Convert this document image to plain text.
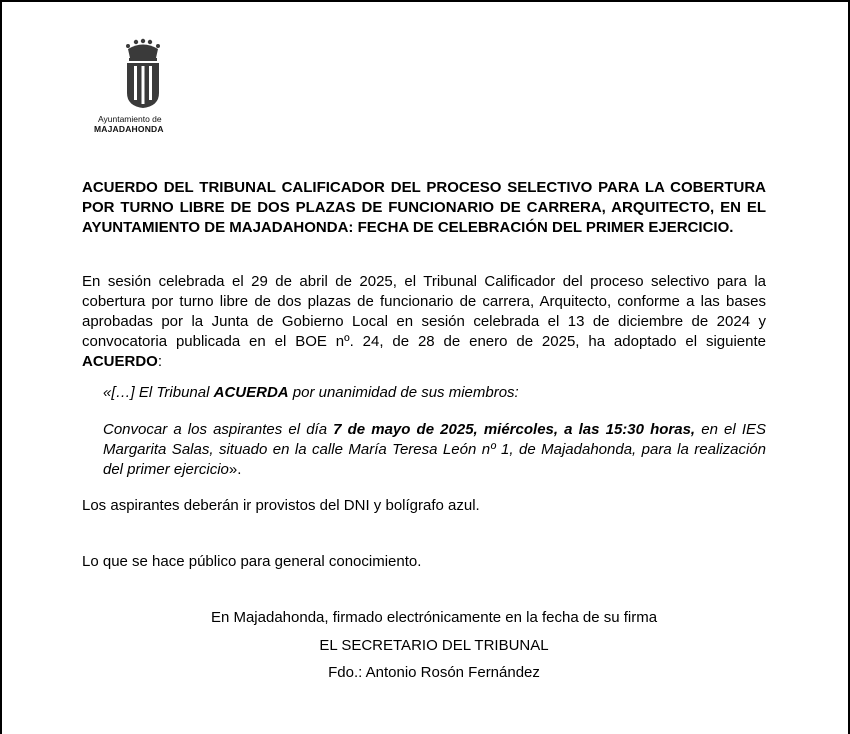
Ayuntamiento de
MAJADAHONDA
ACUERDO DEL TRIBUNAL CALIFICADOR DEL PROCESO SELECTIVO PARA LA COBERTURA POR TURNO LIBRE DE DOS PLAZAS DE FUNCIONARIO DE CARRERA, ARQUITECTO, EN EL AYUNTAMIENTO DE MAJADAHONDA: FECHA DE CELEBRACIÓN DEL PRIMER EJERCICIO.
En sesión celebrada el 29 de abril de 2025, el Tribunal Calificador del proceso selectivo para la cobertura por turno libre de dos plazas de funcionario de carrera, Arquitecto, conforme a las bases aprobadas por la Junta de Gobierno Local en sesión celebrada el 13 de diciembre de 2024 y convocatoria publicada en el BOE nº. 24, de 28 de enero de 2025, ha adoptado el siguiente ACUERDO:
«[…] El Tribunal ACUERDA por unanimidad de sus miembros:
Convocar a los aspirantes el día 7 de mayo de 2025, miércoles, a las 15:30 horas, en el IES Margarita Salas, situado en la calle María Teresa León nº 1, de Majadahonda, para la realización del primer ejercicio».
Los aspirantes deberán ir provistos del DNI y bolígrafo azul.
Lo que se hace público para general conocimiento.
En Majadahonda, firmado electrónicamente en la fecha de su firma
EL SECRETARIO DEL TRIBUNAL
Fdo.: Antonio Rosón Fernández
